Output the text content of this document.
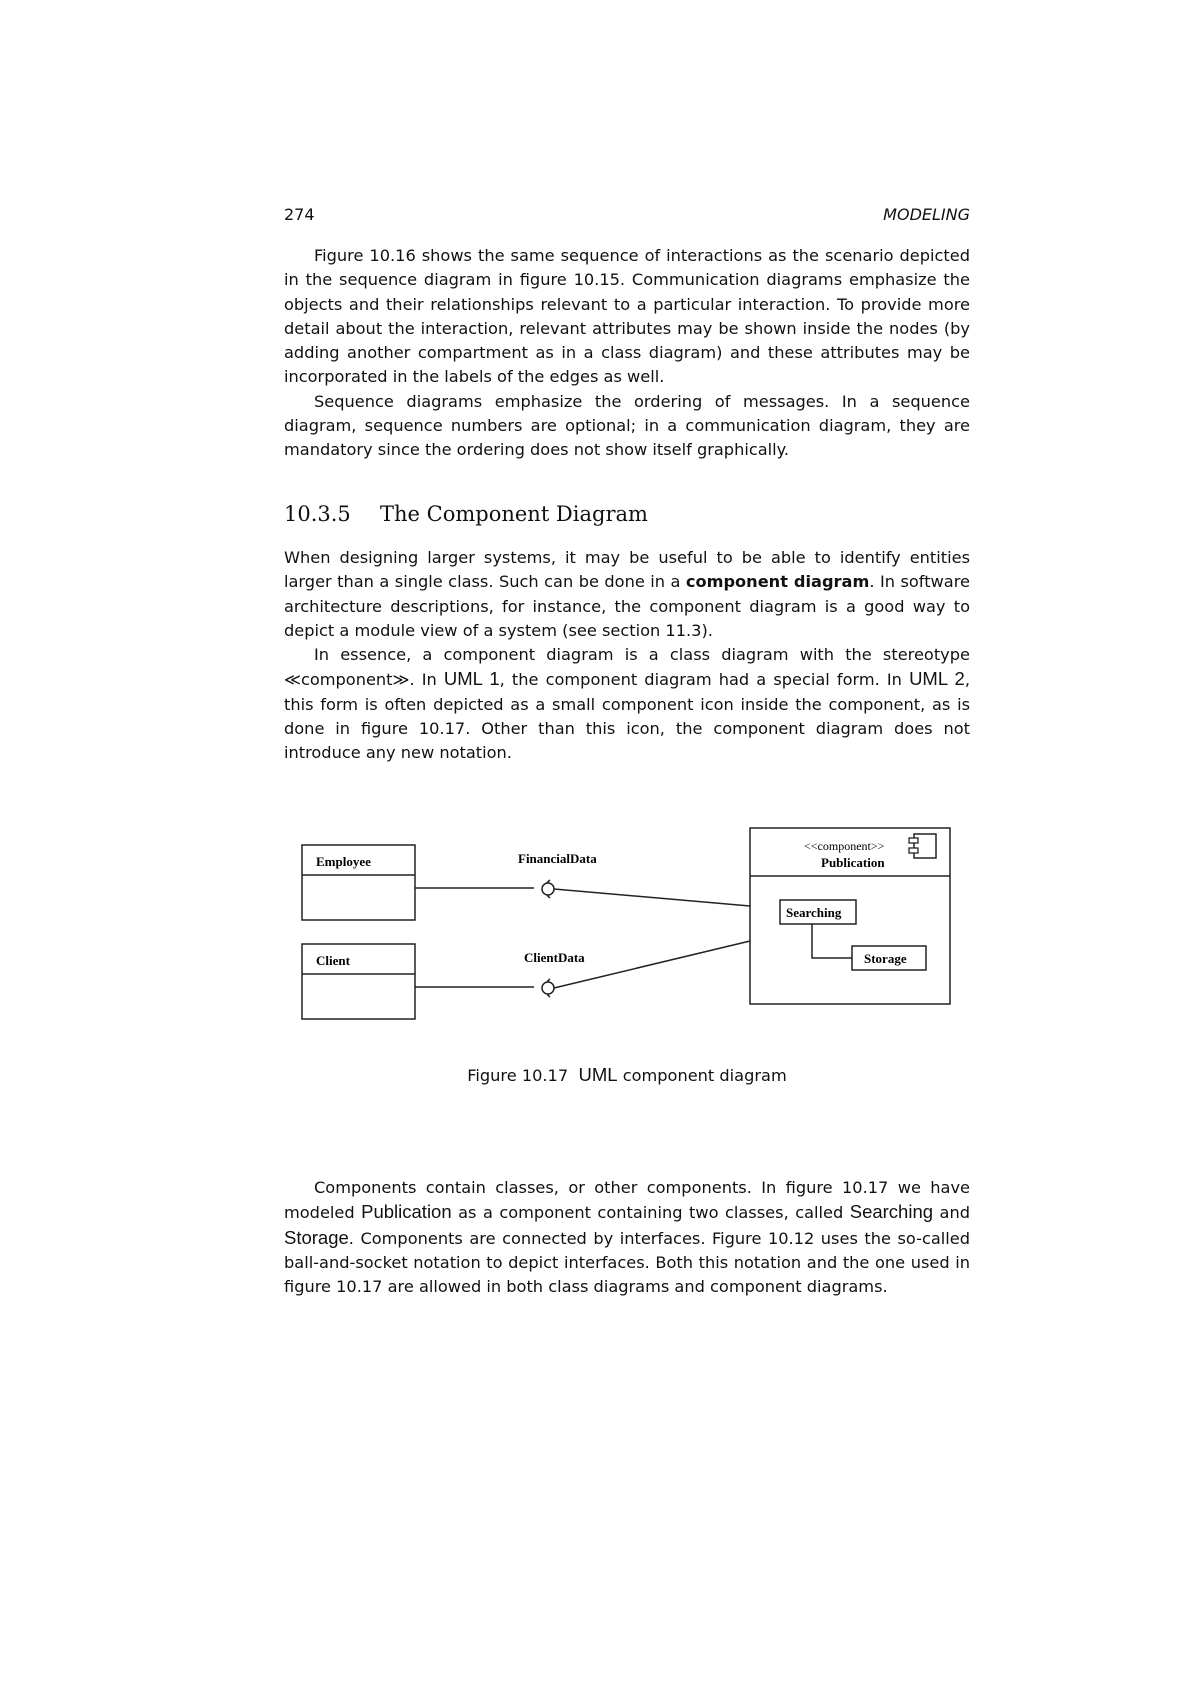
274	MODELING

Figure 10.16 shows the same sequence of interactions as the scenario depicted in the sequence diagram in figure 10.15. Communication diagrams emphasize the objects and their relationships relevant to a particular interaction. To provide more detail about the interaction, relevant attributes may be shown inside the nodes (by adding another compartment as in a class diagram) and these attributes may be incorporated in the labels of the edges as well.

Sequence diagrams emphasize the ordering of messages. In a sequence diagram, sequence numbers are optional; in a communication diagram, they are mandatory since the ordering does not show itself graphically.

10.3.5 The Component Diagram

When designing larger systems, it may be useful to be able to identify entities larger than a single class. Such can be done in a component diagram. In software architecture descriptions, for instance, the component diagram is a good way to depict a module view of a system (see section 11.3).

In essence, a component diagram is a class diagram with the stereotype ≪component≫. In UML 1, the component diagram had a special form. In UML 2, this form is often depicted as a small component icon inside the component, as is done in figure 10.17. Other than this icon, the component diagram does not introduce any new notation.

Employee
Client
FinancialData
ClientData
<<component>>
Publication
Searching
Storage
Figure 10.17 UML component diagram

Components contain classes, or other components. In figure 10.17 we have modeled Publication as a component containing two classes, called Searching and Storage. Components are connected by interfaces. Figure 10.12 uses the so-called ball-and-socket notation to depict interfaces. Both this notation and the one used in figure 10.17 are allowed in both class diagrams and component diagrams.
